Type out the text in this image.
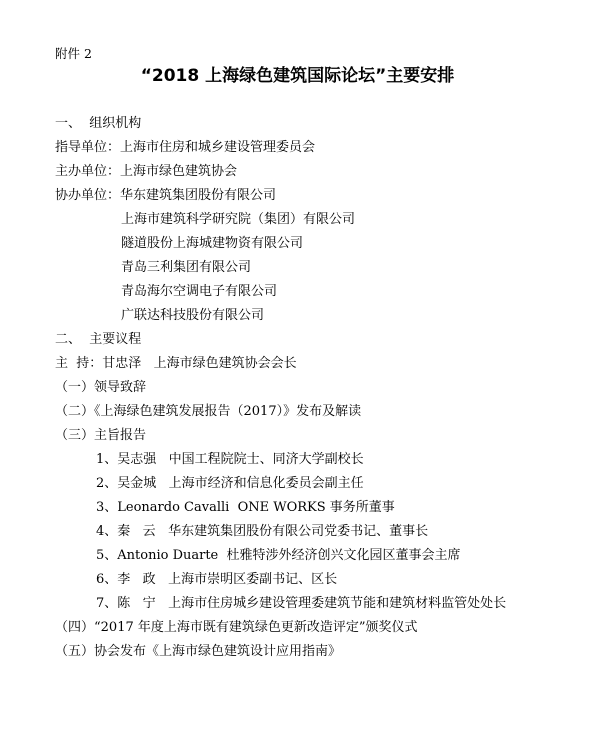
附件 2
“2018 上海绿色建筑国际论坛”主要安排
一、  组织机构
指导单位：上海市住房和城乡建设管理委员会
主办单位：上海市绿色建筑协会
协办单位：华东建筑集团股份有限公司
上海市建筑科学研究院（集团）有限公司
隧道股份上海城建物资有限公司
青岛三利集团有限公司
青岛海尔空调电子有限公司
广联达科技股份有限公司
二、  主要议程
主  持：甘忠泽   上海市绿色建筑协会会长
（一）领导致辞
（二）《上海绿色建筑发展报告（2017）》发布及解读
（三）主旨报告
1、吴志强   中国工程院院士、同济大学副校长
2、吴金城   上海市经济和信息化委员会副主任
3、Leonardo Cavalli  ONE WORKS 事务所董事
4、秦   云   华东建筑集团股份有限公司党委书记、董事长
5、Antonio Duarte  杜雅特涉外经济创兴文化园区董事会主席
6、李   政   上海市崇明区委副书记、区长
7、陈   宁   上海市住房城乡建设管理委建筑节能和建筑材料监管处处长
（四）“2017 年度上海市既有建筑绿色更新改造评定”颁奖仪式
（五）协会发布《上海市绿色建筑设计应用指南》
